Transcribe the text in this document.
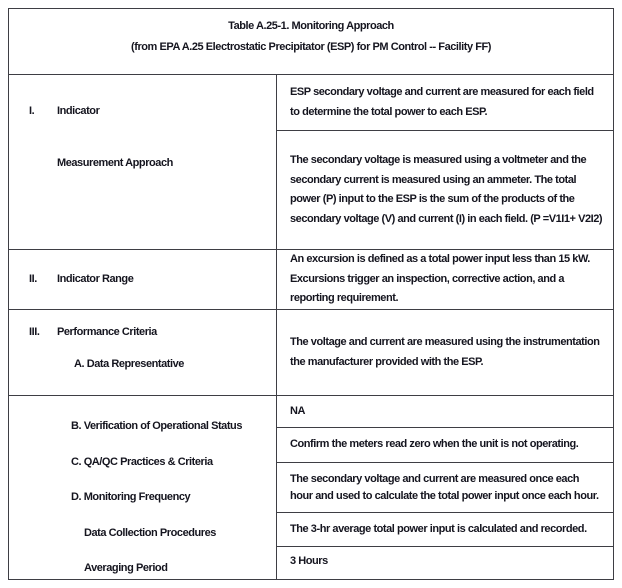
Table A.25-1. Monitoring Approach
(from EPA A.25 Electrostatic Precipitator (ESP) for PM Control -- Facility FF)
I. Indicator
Measurement Approach
ESP secondary voltage and current are measured for each field to determine the total power to each ESP.
The secondary voltage is measured using a voltmeter and the secondary current is measured using an ammeter. The total power (P) input to the ESP is the sum of the products of the secondary voltage (V) and current (I) in each field. (P =V1I1+ V2I2)
II. Indicator Range
An excursion is defined as a total power input less than 15 kW. Excursions trigger an inspection, corrective action, and a reporting requirement.
III. Performance Criteria
A. Data Representative
The voltage and current are measured using the instrumentation the manufacturer provided with the ESP.
B. Verification of Operational Status
C. QA/QC Practices & Criteria
D. Monitoring Frequency
Data Collection Procedures
Averaging Period
NA
Confirm the meters read zero when the unit is not operating.
The secondary voltage and current are measured once each hour and used to calculate the total power input once each hour.
The 3-hr average total power input is calculated and recorded.
3 Hours
